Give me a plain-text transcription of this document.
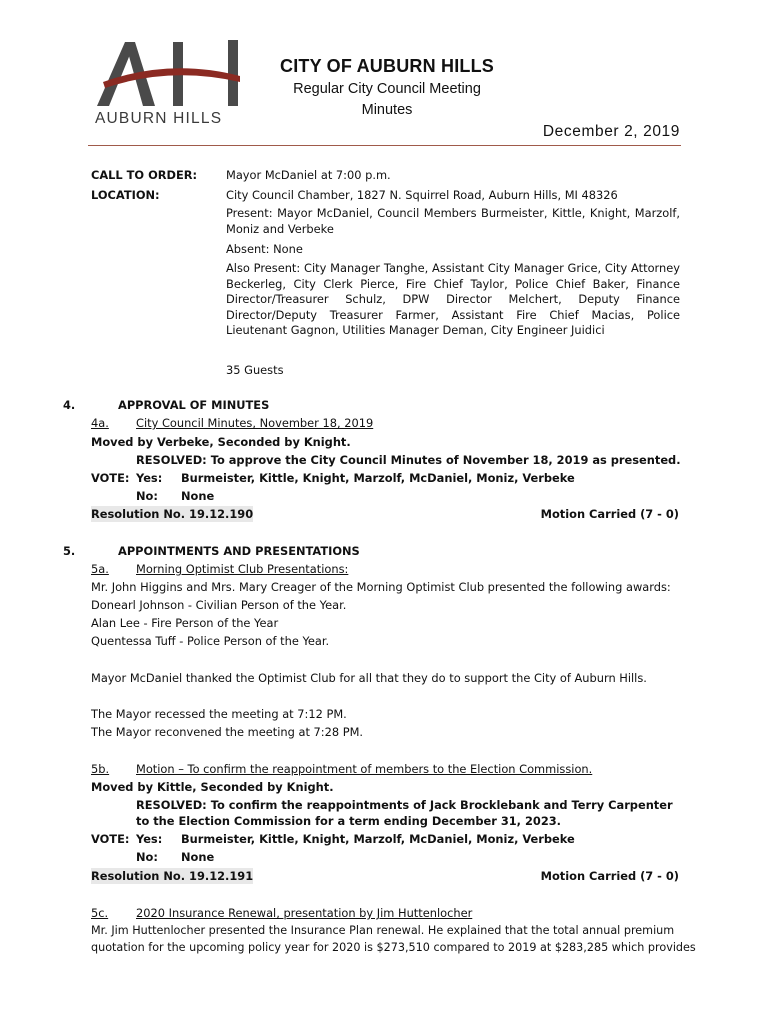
AUBURN HILLS
CITY OF AUBURN HILLS
Regular City Council Meeting
Minutes
December 2, 2019
CALL TO ORDER:	Mayor McDaniel at 7:00 p.m.
LOCATION:	City Council Chamber, 1827 N. Squirrel Road, Auburn Hills, MI 48326
Present: Mayor McDaniel, Council Members Burmeister, Kittle, Knight, Marzolf, Moniz and Verbeke
Absent: None
Also Present: City Manager Tanghe, Assistant City Manager Grice, City Attorney Beckerleg, City Clerk Pierce, Fire Chief Taylor, Police Chief Baker, Finance Director/Treasurer Schulz, DPW Director Melchert, Deputy Finance Director/Deputy Treasurer Farmer, Assistant Fire Chief Macias, Police Lieutenant Gagnon, Utilities Manager Deman, City Engineer Juidici
35 Guests
4.	APPROVAL OF MINUTES
4a. City Council Minutes, November 18, 2019
Moved by Verbeke, Seconded by Knight.
RESOLVED: To approve the City Council Minutes of November 18, 2019 as presented.
VOTE: Yes: Burmeister, Kittle, Knight, Marzolf, McDaniel, Moniz, Verbeke
No: None
Resolution No. 19.12.190	Motion Carried (7 - 0)
5.	APPOINTMENTS AND PRESENTATIONS
5a. Morning Optimist Club Presentations:
Mr. John Higgins and Mrs. Mary Creager of the Morning Optimist Club presented the following awards:
Donearl Johnson - Civilian Person of the Year.
Alan Lee - Fire Person of the Year
Quentessa Tuff - Police Person of the Year.
Mayor McDaniel thanked the Optimist Club for all that they do to support the City of Auburn Hills.
The Mayor recessed the meeting at 7:12 PM.
The Mayor reconvened the meeting at 7:28 PM.
5b. Motion – To confirm the reappointment of members to the Election Commission.
Moved by Kittle, Seconded by Knight.
RESOLVED: To confirm the reappointments of Jack Brocklebank and Terry Carpenter
to the Election Commission for a term ending December 31, 2023.
VOTE: Yes: Burmeister, Kittle, Knight, Marzolf, McDaniel, Moniz, Verbeke
No: None
Resolution No. 19.12.191	Motion Carried (7 - 0)
5c. 2020 Insurance Renewal, presentation by Jim Huttenlocher
Mr. Jim Huttenlocher presented the Insurance Plan renewal. He explained that the total annual premium
quotation for the upcoming policy year for 2020 is $273,510 compared to 2019 at $283,285 which provides
